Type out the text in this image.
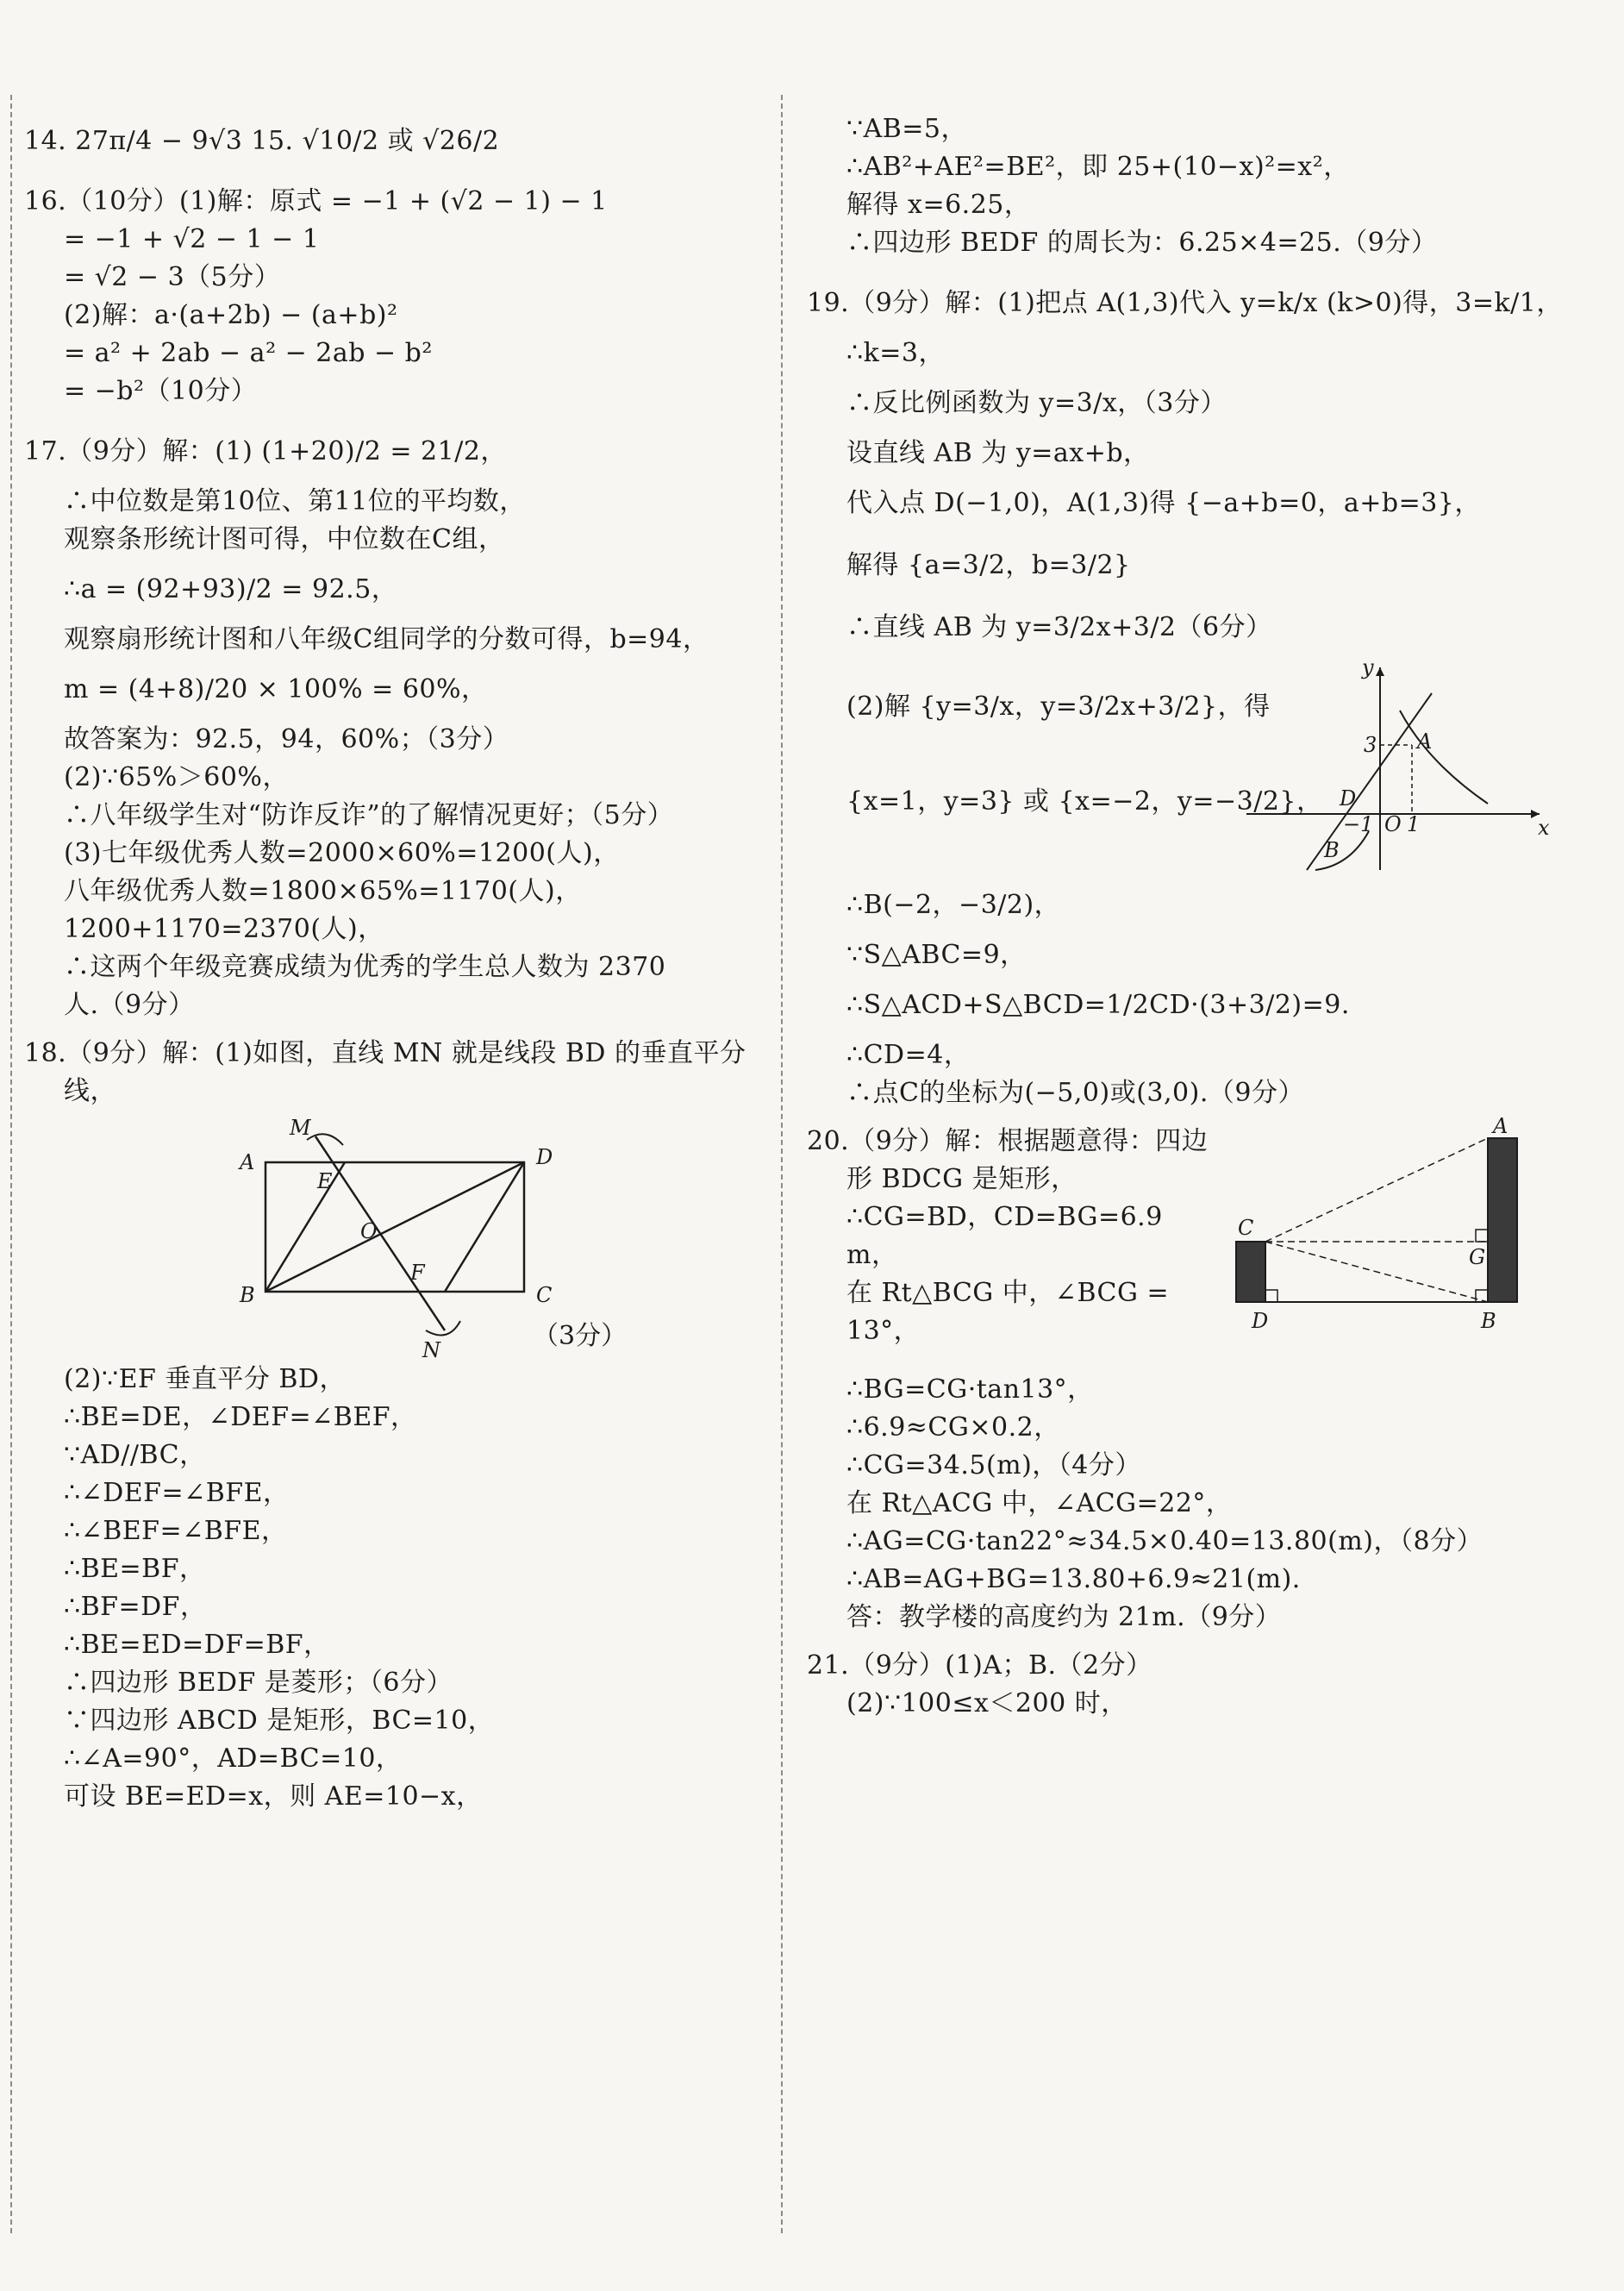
14. 27π/4 − 9√3 15. √10/2 或 √26/2
16.（10分）(1)解：原式 = −1 + (√2 − 1) − 1
= −1 + √2 − 1 − 1
= √2 − 3（5分）
(2)解：a·(a+2b) − (a+b)²
= a² + 2ab − a² − 2ab − b²
= −b²（10分）
17.（9分）解：(1) (1+20)/2 = 21/2，
∴中位数是第10位、第11位的平均数，
观察条形统计图可得，中位数在C组，
∴a = (92+93)/2 = 92.5，
观察扇形统计图和八年级C组同学的分数可得，b=94，
m = (4+8)/20 × 100% = 60%，
故答案为：92.5，94，60%；（3分）
(2)∵65%＞60%，
∴八年级学生对“防诈反诈”的了解情况更好；（5分）
(3)七年级优秀人数=2000×60%=1200(人)，
八年级优秀人数=1800×65%=1170(人)，
1200+1170=2370(人)，
∴这两个年级竞赛成绩为优秀的学生总人数为 2370
人.（9分）
18.（9分）解：(1)如图，直线 MN 就是线段 BD 的垂直平分
线，
M
A	D
E
O
F
B	C
N	（3分）
(2)∵EF 垂直平分 BD，
∴BE=DE，∠DEF=∠BEF，
∵AD//BC，
∴∠DEF=∠BFE，
∴∠BEF=∠BFE，
∴BE=BF，
∴BF=DF，
∴BE=ED=DF=BF，
∴四边形 BEDF 是菱形；（6分）
∵四边形 ABCD 是矩形，BC=10，
∴∠A=90°，AD=BC=10，
可设 BE=ED=x，则 AE=10−x，
∵AB=5，
∴AB²+AE²=BE²，即 25+(10−x)²=x²，
解得 x=6.25，
∴四边形 BEDF 的周长为：6.25×4=25.（9分）
19.（9分）解：(1)把点 A(1,3)代入 y=k/x (k>0)得，3=k/1，
∴k=3，
∴反比例函数为 y=3/x，（3分）
设直线 AB 为 y=ax+b，
代入点 D(−1,0)，A(1,3)得 {−a+b=0，a+b=3}，
解得 {a=3/2，b=3/2}
∴直线 AB 为 y=3/2x+3/2（6分）
(2)解 {y=3/x，y=3/2x+3/2}，得
{x=1，y=3} 或 {x=−2，y=−3/2}，
y
x
3 A
D
−1 O 1
B
∴B(−2，−3/2)，
∵S△ABC=9，
∴S△ACD+S△BCD=1/2CD·(3+3/2)=9.
∴CD=4，
∴点C的坐标为(−5,0)或(3,0).（9分）
20.（9分）解：根据题意得：四边
形 BDCG 是矩形，
∴CG=BD，CD=BG=6.9
m，
在 Rt△BCG 中，∠BCG =
13°，
A
C
G
D	B
∴BG=CG·tan13°，
∴6.9≈CG×0.2，
∴CG=34.5(m)，（4分）
在 Rt△ACG 中，∠ACG=22°，
∴AG=CG·tan22°≈34.5×0.40=13.80(m)，（8分）
∴AB=AG+BG=13.80+6.9≈21(m).
答：教学楼的高度约为 21m.（9分）
21.（9分）(1)A；B.（2分）
(2)∵100≤x＜200 时，
